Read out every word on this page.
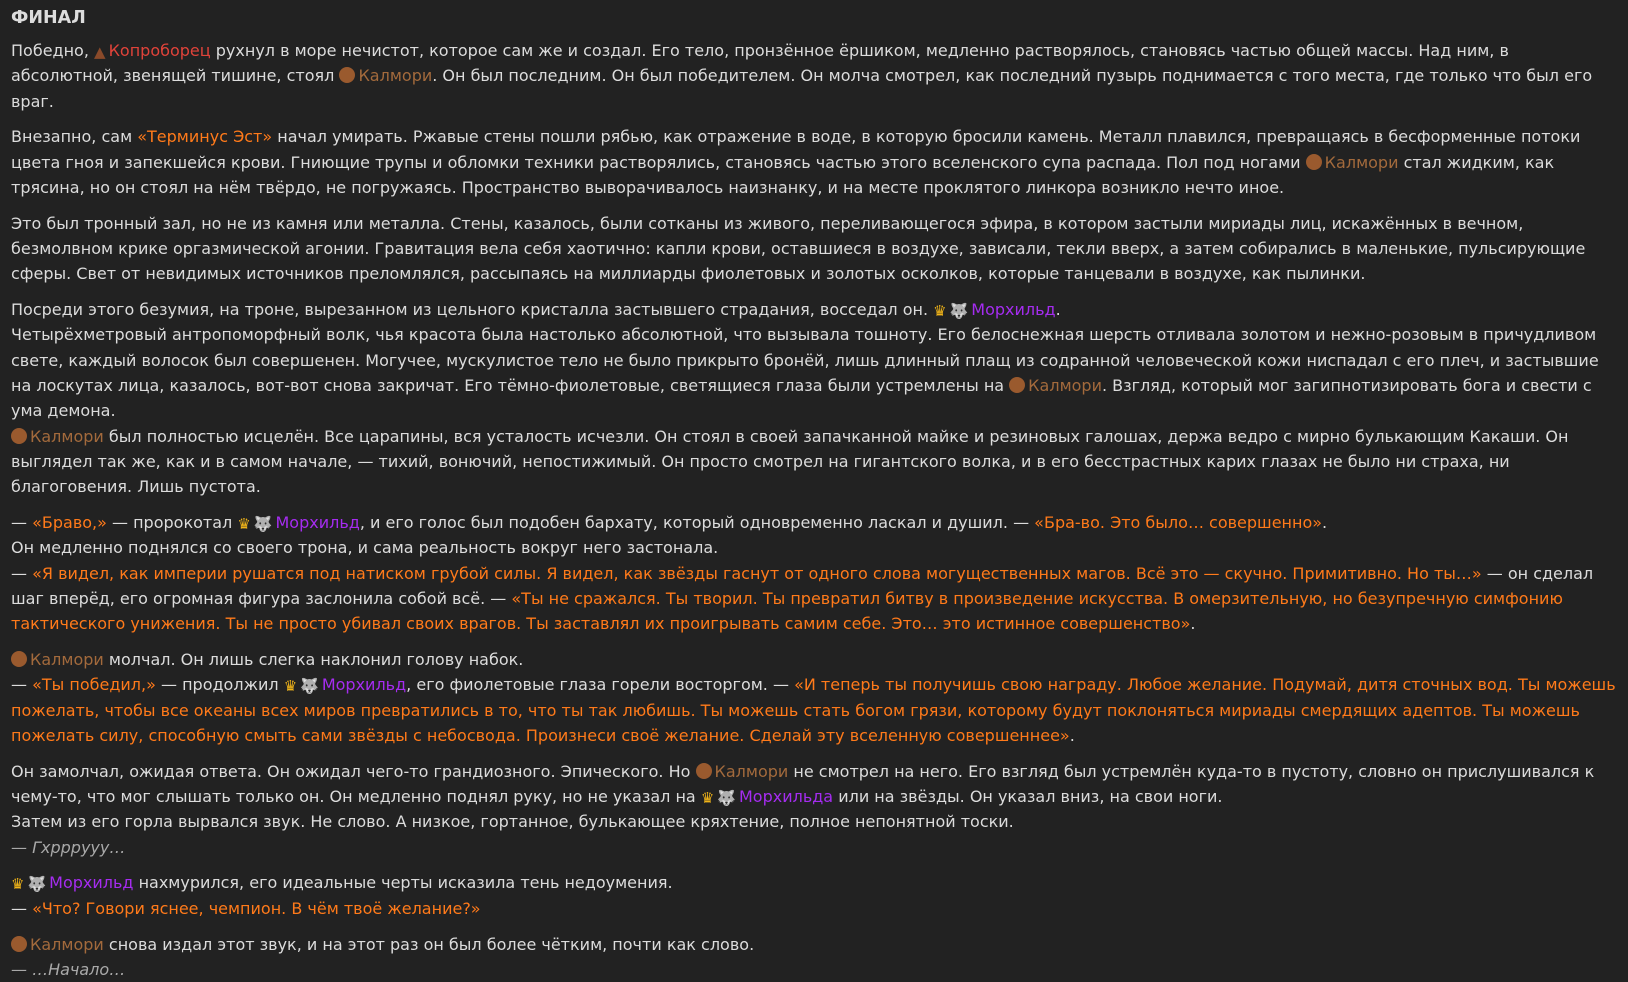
ФИНАЛ

Победно, ▲ Копроборец рухнул в море нечистот, которое сам же и создал. Его тело, пронзённое ёршиком, медленно растворялось, становясь частью общей массы. Над ним, в абсолютной, звенящей тишине, стоял Калмори. Он был последним. Он был победителем. Он молча смотрел, как последний пузырь поднимается с того места, где только что был его враг.

Внезапно, сам «Терминус Эст» начал умирать. Ржавые стены пошли рябью, как отражение в воде, в которую бросили камень. Металл плавился, превращаясь в бесформенные потоки цвета гноя и запекшейся крови. Гниющие трупы и обломки техники растворялись, становясь частью этого вселенского супа распада. Пол под ногами Калмори стал жидким, как трясина, но он стоял на нём твёрдо, не погружаясь. Пространство выворачивалось наизнанку, и на месте проклятого линкора возникло нечто иное.

Это был тронный зал, но не из камня или металла. Стены, казалось, были сотканы из живого, переливающегося эфира, в котором застыли мириады лиц, искажённых в вечном, безмолвном крике оргазмической агонии. Гравитация вела себя хаотично: капли крови, оставшиеся в воздухе, зависали, текли вверх, а затем собирались в маленькие, пульсирующие сферы. Свет от невидимых источников преломлялся, рассыпаясь на миллиарды фиолетовых и золотых осколков, которые танцевали в воздухе, как пылинки.

Посреди этого безумия, на троне, вырезанном из цельного кристалла застывшего страдания, восседал он. ♛ 🐺 Морхильд.
Четырёхметровый антропоморфный волк, чья красота была настолько абсолютной, что вызывала тошноту. Его белоснежная шерсть отливала золотом и нежно-розовым в причудливом свете, каждый волосок был совершенен. Могучее, мускулистое тело не было прикрыто бронёй, лишь длинный плащ из содранной человеческой кожи ниспадал с его плеч, и застывшие на лоскутах лица, казалось, вот-вот снова закричат. Его тёмно-фиолетовые, светящиеся глаза были устремлены на Калмори. Взгляд, который мог загипнотизировать бога и свести с ума демона.
Калмори был полностью исцелён. Все царапины, вся усталость исчезли. Он стоял в своей запачканной майке и резиновых галошах, держа ведро с мирно булькающим Какаши. Он выглядел так же, как и в самом начале, — тихий, вонючий, непостижимый. Он просто смотрел на гигантского волка, и в его бесстрастных карих глазах не было ни страха, ни благоговения. Лишь пустота.

— «Браво,» — пророкотал ♛ 🐺 Морхильд, и его голос был подобен бархату, который одновременно ласкал и душил. — «Бра-во. Это было… совершенно».
Он медленно поднялся со своего трона, и сама реальность вокруг него застонала.
— «Я видел, как империи рушатся под натиском грубой силы. Я видел, как звёзды гаснут от одного слова могущественных магов. Всё это — скучно. Примитивно. Но ты…» — он сделал шаг вперёд, его огромная фигура заслонила собой всё. — «Ты не сражался. Ты творил. Ты превратил битву в произведение искусства. В омерзительную, но безупречную симфонию тактического унижения. Ты не просто убивал своих врагов. Ты заставлял их проигрывать самим себе. Это… это истинное совершенство».

Калмори молчал. Он лишь слегка наклонил голову набок.
— «Ты победил,» — продолжил ♛ 🐺 Морхильд, его фиолетовые глаза горели восторгом. — «И теперь ты получишь свою награду. Любое желание. Подумай, дитя сточных вод. Ты можешь пожелать, чтобы все океаны всех миров превратились в то, что ты так любишь. Ты можешь стать богом грязи, которому будут поклоняться мириады смердящих адептов. Ты можешь пожелать силу, способную смыть сами звёзды с небосвода. Произнеси своё желание. Сделай эту вселенную совершеннее».

Он замолчал, ожидая ответа. Он ожидал чего-то грандиозного. Эпического. Но Калмори не смотрел на него. Его взгляд был устремлён куда-то в пустоту, словно он прислушивался к чему-то, что мог слышать только он. Он медленно поднял руку, но не указал на ♛ 🐺 Морхильда или на звёзды. Он указал вниз, на свои ноги.
Затем из его горла вырвался звук. Не слово. А низкое, гортанное, булькающее кряхтение, полное непонятной тоски.
— Гхррруyy…

♛ 🐺 Морхильд нахмурился, его идеальные черты исказила тень недоумения.
— «Что? Говори яснее, чемпион. В чём твоё желание?»

Калмори снова издал этот звук, и на этот раз он был более чётким, почти как слово.
— …Начало…
